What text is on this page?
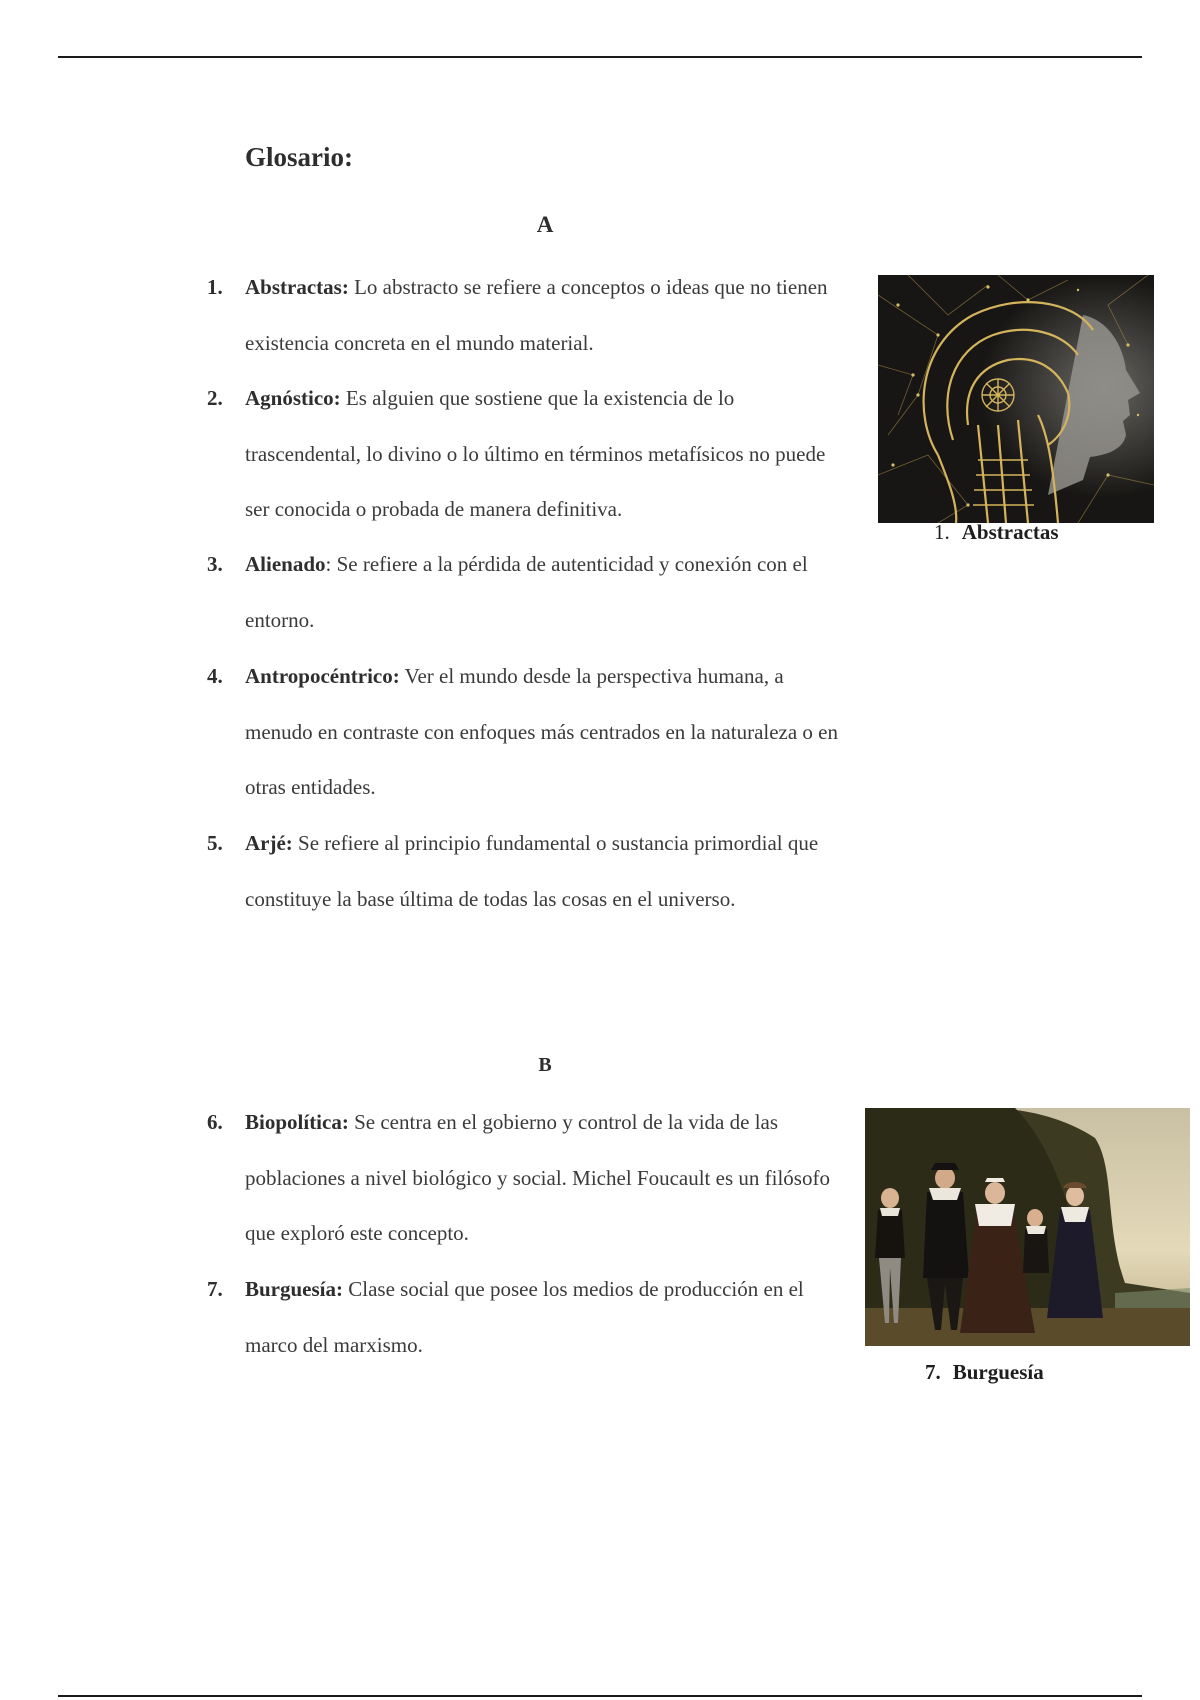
Glosario:
A
1. Abstractas: Lo abstracto se refiere a conceptos o ideas que no tienen existencia concreta en el mundo material.
2. Agnóstico: Es alguien que sostiene que la existencia de lo trascendental, lo divino o lo último en términos metafísicos no puede ser conocida o probada de manera definitiva.
3. Alienado: Se refiere a la pérdida de autenticidad y conexión con el entorno.
4. Antropocéntrico: Ver el mundo desde la perspectiva humana, a menudo en contraste con enfoques más centrados en la naturaleza o en otras entidades.
5. Arjé: Se refiere al principio fundamental o sustancia primordial que constituye la base última de todas las cosas en el universo.
6. Biopolítica: Se centra en el gobierno y control de la vida de las poblaciones a nivel biológico y social. Michel Foucault es un filósofo que exploró este concepto.
7. Burguesía: Clase social que posee los medios de producción en el marco del marxismo.
B
1. Abstractas
7. Burguesía
